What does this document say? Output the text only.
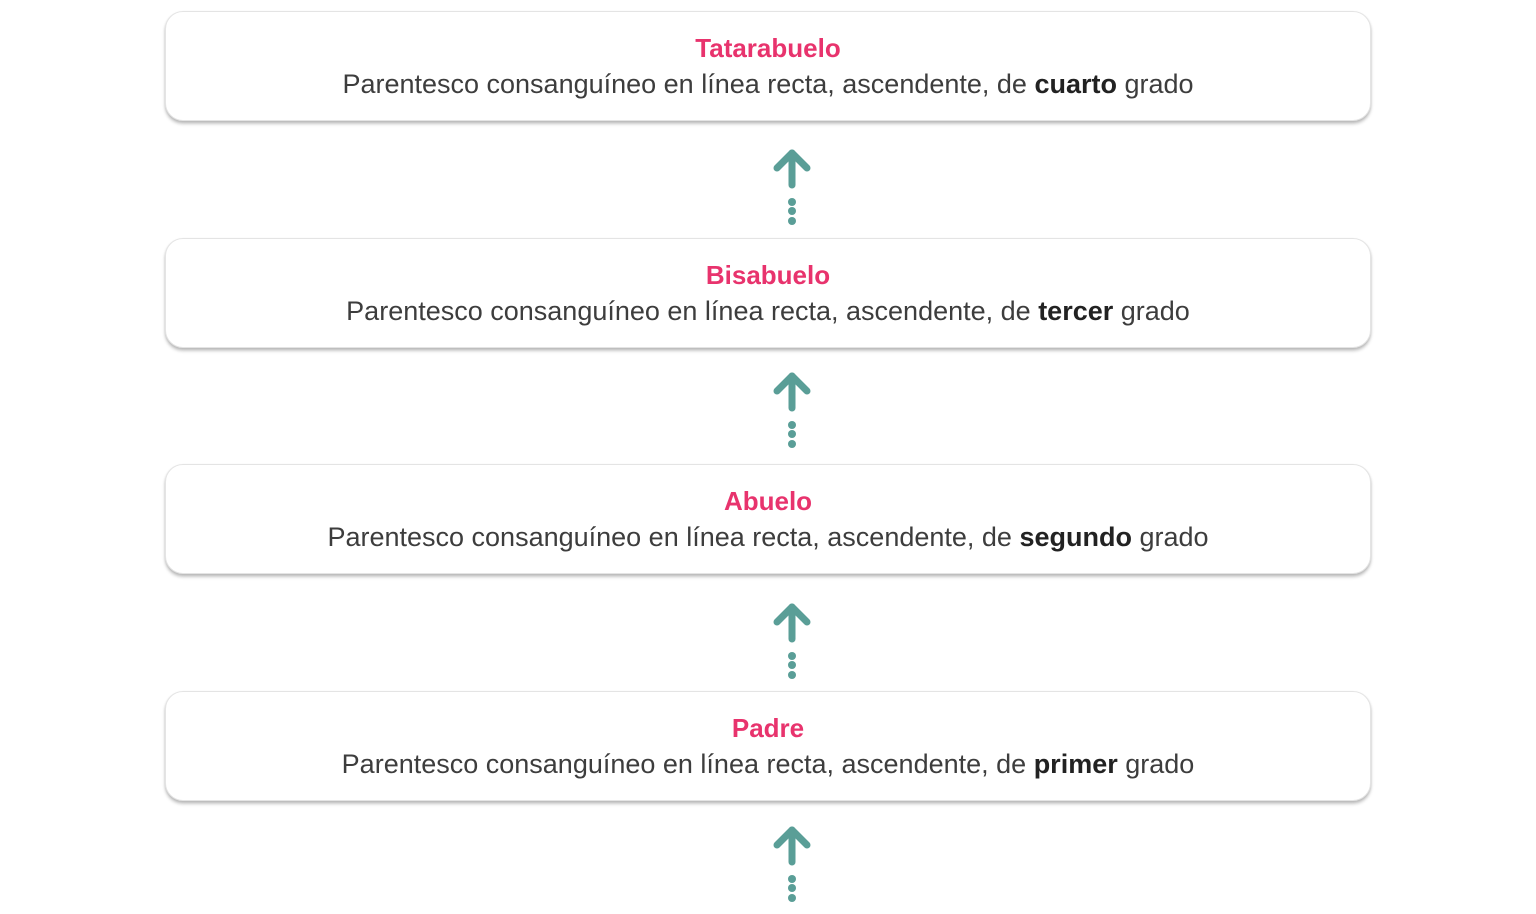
Tatarabuelo
Parentesco consanguíneo en línea recta, ascendente, de cuarto grado
Bisabuelo
Parentesco consanguíneo en línea recta, ascendente, de tercer grado
Abuelo
Parentesco consanguíneo en línea recta, ascendente, de segundo grado
Padre
Parentesco consanguíneo en línea recta, ascendente, de primer grado
